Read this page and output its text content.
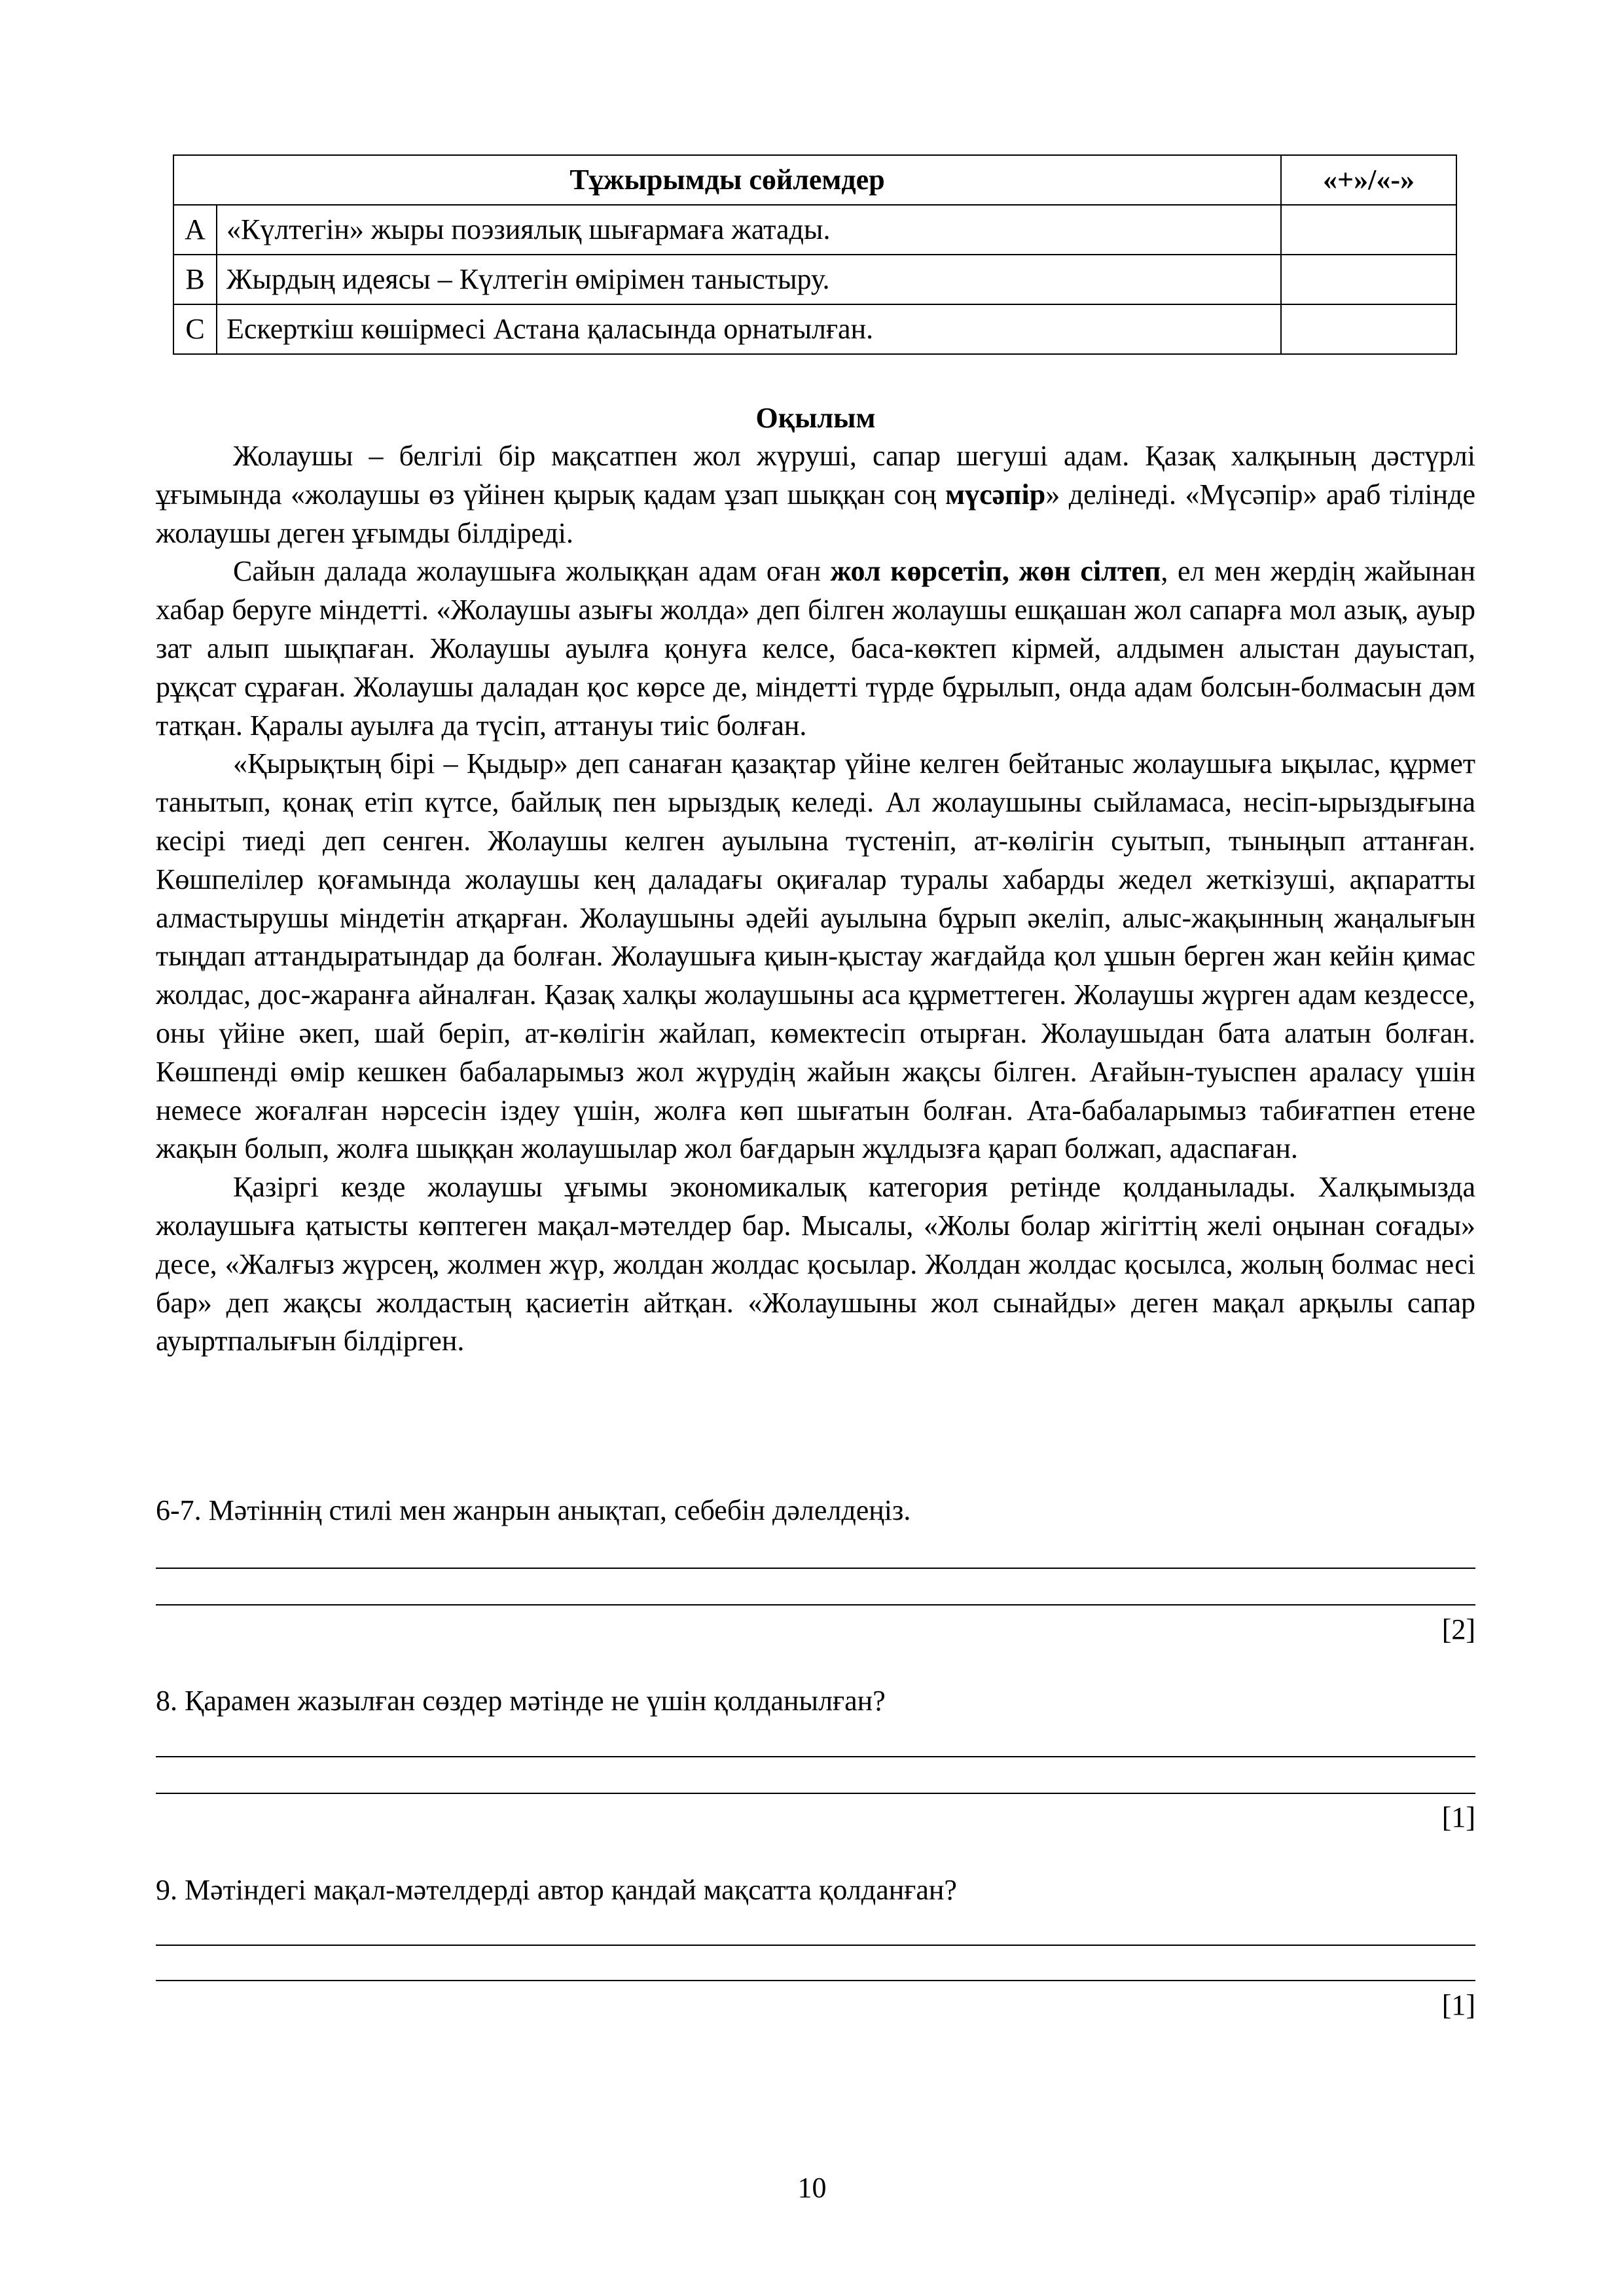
Тұжырымды сөйлемдер		«+»/«-»
A	«Күлтегін» жыры поэзиялық шығармаға жатады.	
B	Жырдың идеясы – Күлтегін өмірімен таныстыру.	
C	Ескерткіш көшірмесі Астана қаласында орнатылған.	
Оқылым

Жолаушы – белгілі бір мақсатпен жол жүруші, сапар шегуші адам. Қазақ халқының дәстүрлі ұғымында «жолаушы өз үйінен қырық қадам ұзап шыққан соң мүсәпір» делінеді. «Мүсәпір» араб тілінде жолаушы деген ұғымды білдіреді.

Сайын далада жолаушыға жолыққан адам оған жол көрсетіп, жөн сілтеп, ел мен жердің жайынан хабар беруге міндетті. «Жолаушы азығы жолда» деп білген жолаушы ешқашан жол сапарға мол азық, ауыр зат алып шықпаған. Жолаушы ауылға қонуға келсе, баса-көктеп кірмей, алдымен алыстан дауыстап, рұқсат сұраған. Жолаушы даладан қос көрсе де, міндетті түрде бұрылып, онда адам болсын-болмасын дәм татқан. Қаралы ауылға да түсіп, аттануы тиіс болған.

«Қырықтың бірі – Қыдыр» деп санаған қазақтар үйіне келген бейтаныс жолаушыға ықылас, құрмет танытып, қонақ етіп күтсе, байлық пен ырыздық келеді. Ал жолаушыны сыйламаса, несіп-ырыздығына кесірі тиеді деп сенген. Жолаушы келген ауылына түстеніп, ат-көлігін суытып, тыныңып аттанған. Көшпелілер қоғамында жолаушы кең даладағы оқиғалар туралы хабарды жедел жеткізуші, ақпаратты алмастырушы міндетін атқарған. Жолаушыны әдейі ауылына бұрып әкеліп, алыс-жақынның жаңалығын тыңдап аттандыратындар да болған. Жолаушыға қиын-қыстау жағдайда қол ұшын берген жан кейін қимас жолдас, дос-жаранға айналған. Қазақ халқы жолаушыны аса құрметтеген. Жолаушы жүрген адам кездессе, оны үйіне әкеп, шай беріп, ат-көлігін жайлап, көмектесіп отырған. Жолаушыдан бата алатын болған. Көшпенді өмір кешкен бабаларымыз жол жүрудің жайын жақсы білген. Ағайын-туыспен араласу үшін немесе жоғалған нәрсесін іздеу үшін, жолға көп шығатын болған. Ата-бабаларымыз табиғатпен етене жақын болып, жолға шыққан жолаушылар жол бағдарын жұлдызға қарап болжап, адаспаған.

Қазіргі кезде жолаушы ұғымы экономикалық категория ретінде қолданылады. Халқымызда жолаушыға қатысты көптеген мақал-мәтелдер бар. Мысалы, «Жолы болар жігіттің желі оңынан соғады» десе, «Жалғыз жүрсең, жолмен жүр, жолдан жолдас қосылар. Жолдан жолдас қосылса, жолың болмас несі бар» деп жақсы жолдастың қасиетін айтқан. «Жолаушыны жол сынайды» деген мақал арқылы сапар ауыртпалығын білдірген.

6-7. Мәтіннің стилі мен жанрын анықтап, себебін дәлелдеңіз.

[2]

8. Қарамен жазылған сөздер мәтінде не үшін қолданылған?

[1]

9. Мәтіндегі мақал-мәтелдерді автор қандай мақсатта қолданған?

[1]
10
